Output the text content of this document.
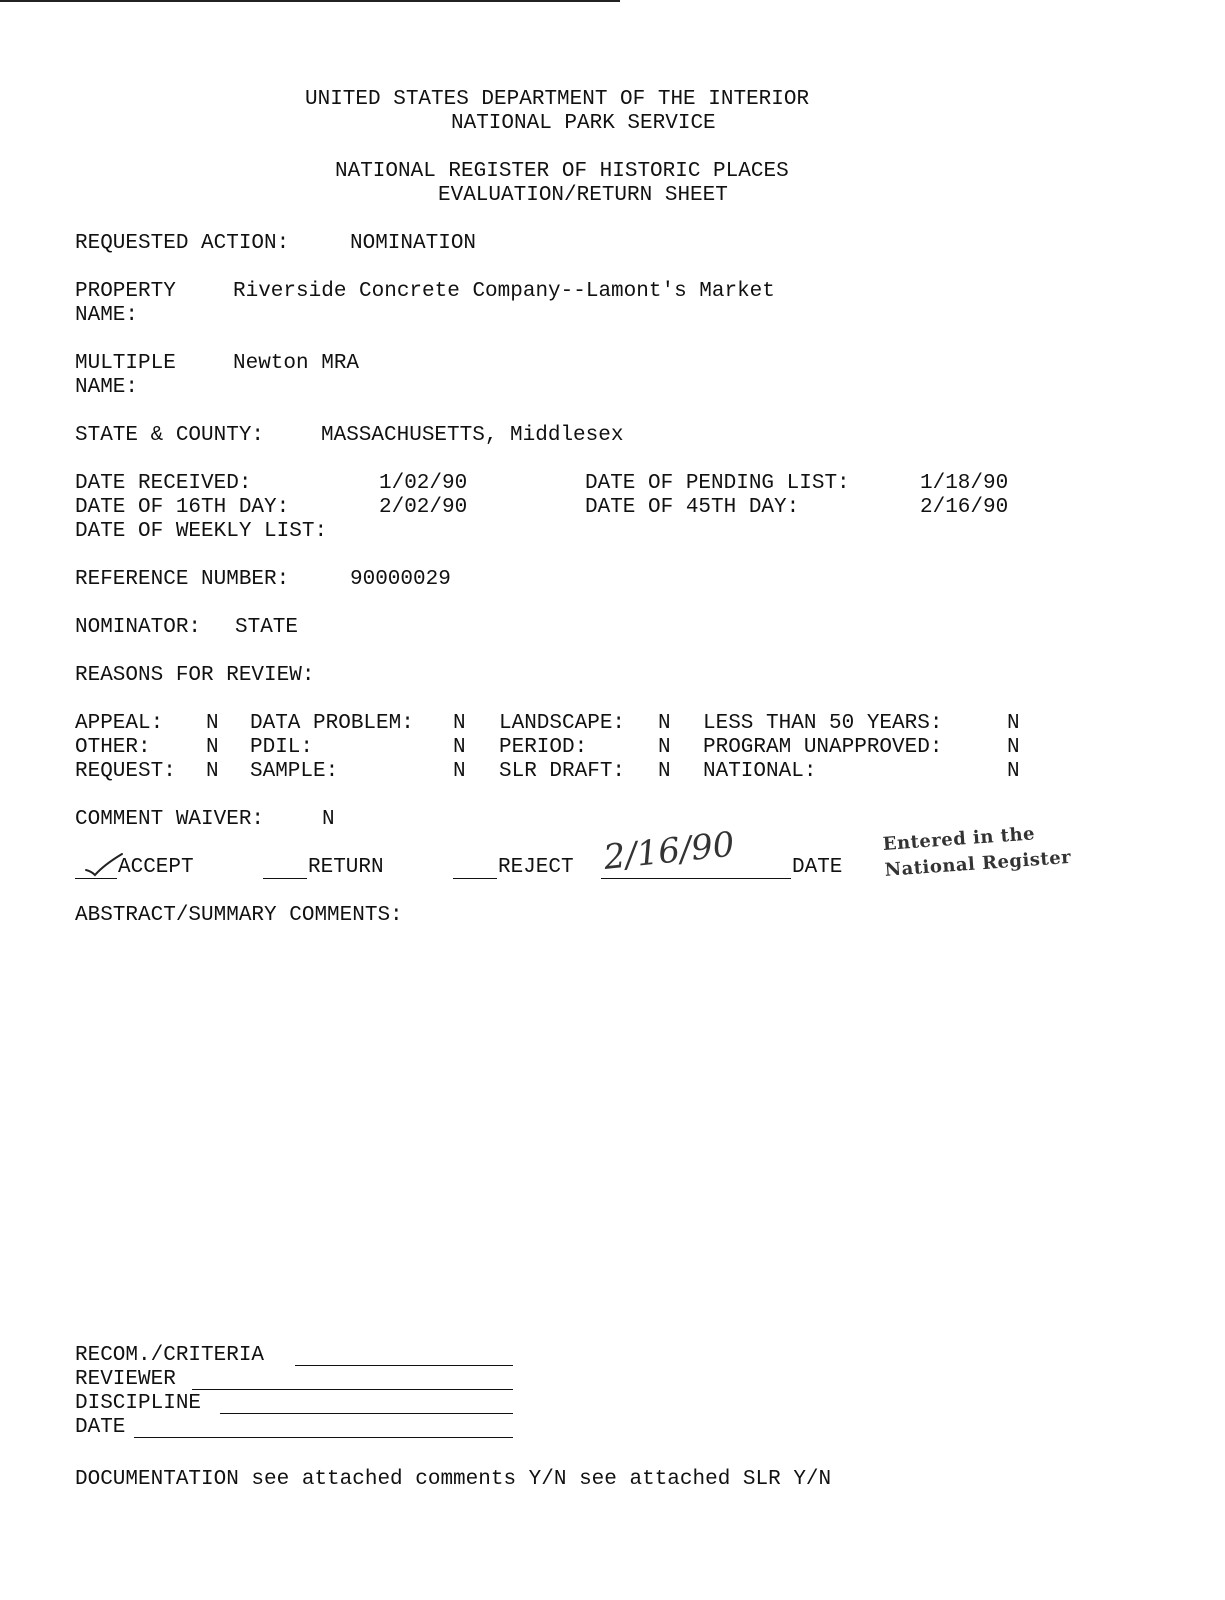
UNITED STATES DEPARTMENT OF THE INTERIOR
NATIONAL PARK SERVICE
NATIONAL REGISTER OF HISTORIC PLACES
EVALUATION/RETURN SHEET
REQUESTED ACTION:	NOMINATION
PROPERTY
NAME:
Riverside Concrete Company--Lamont's Market
MULTIPLE
NAME:
Newton MRA
STATE & COUNTY:	MASSACHUSETTS, Middlesex
DATE RECEIVED:	1/02/90	DATE OF PENDING LIST:	1/18/90
DATE OF 16TH DAY:	2/02/90	DATE OF 45TH DAY:	2/16/90
DATE OF WEEKLY LIST:
REFERENCE NUMBER:	90000029
NOMINATOR: STATE
REASONS FOR REVIEW:
APPEAL: N DATA PROBLEM: N LANDSCAPE: N LESS THAN 50 YEARS:	N
OTHER:	N PDIL:	N PERIOD:	N PROGRAM UNAPPROVED:	N
REQUEST: N SAMPLE:	N SLR DRAFT: N NATIONAL:	N
COMMENT WAIVER:	N
ACCEPT	RETURN	REJECT 2/16/90	DATE
Entered in the
National Register
ABSTRACT/SUMMARY COMMENTS:
RECOM./CRITERIA
REVIEWER
DISCIPLINE
DATE
DOCUMENTATION see attached comments Y/N see attached SLR Y/N
